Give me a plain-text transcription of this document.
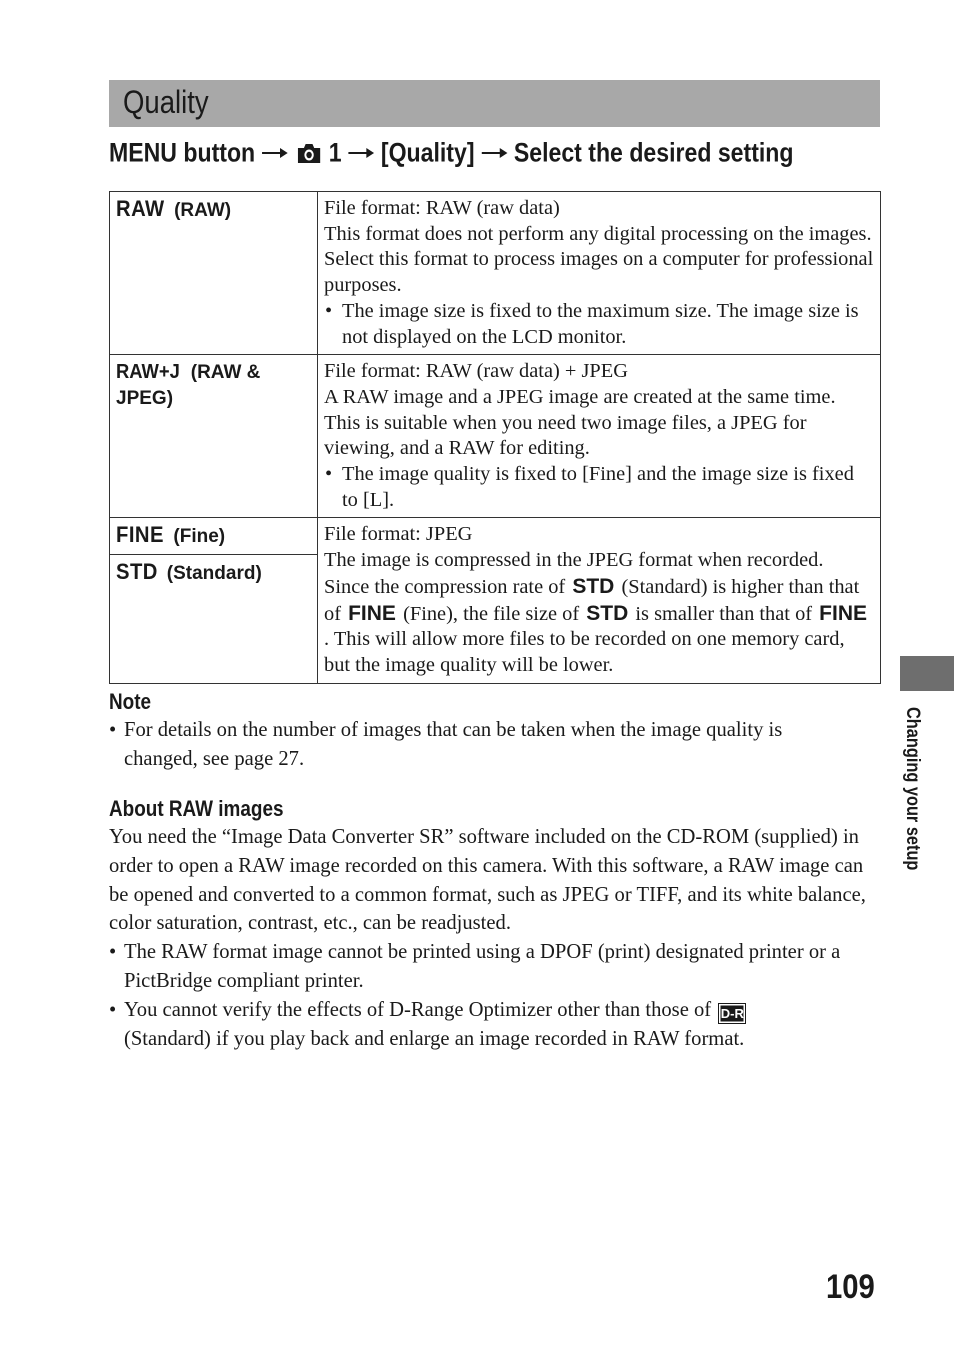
Quality
MENU button	1 [Quality] Select the desired setting
RAW (RAW)	File format: RAW (raw data)
This format does not perform any digital processing on the images. Select this format to process images on a computer for professional purposes.
• The image size is fixed to the maximum size. The image size is not displayed on the LCD monitor.

RAW+J (RAW & JPEG)	File format: RAW (raw data) + JPEG
A RAW image and a JPEG image are created at the same time. This is suitable when you need two image files, a JPEG for viewing, and a RAW for editing.
• The image quality is fixed to [Fine] and the image size is fixed to [L].

FINE (Fine)	File format: JPEG
The image is compressed in the JPEG format when recorded.
Since the compression rate of STD (Standard) is higher than that of FINE (Fine), the file size of STD is smaller than that of FINE. This will allow more files to be recorded on one memory card, but the image quality will be lower.

STD (Standard)	
Note
• For details on the number of images that can be taken when the image quality is changed, see page 27.
About RAW images
You need the “Image Data Converter SR” software included on the CD-ROM (supplied) in order to open a RAW image recorded on this camera. With this software, a RAW image can be opened and converted to a common format, such as JPEG or TIFF, and its white balance, color saturation, contrast, etc., can be readjusted.
• The RAW format image cannot be printed using a DPOF (print) designated printer or a PictBridge compliant printer.
• You cannot verify the effects of D-Range Optimizer other than those of D-R
(Standard) if you play back and enlarge an image recorded in RAW format.
Changing your setup
109
